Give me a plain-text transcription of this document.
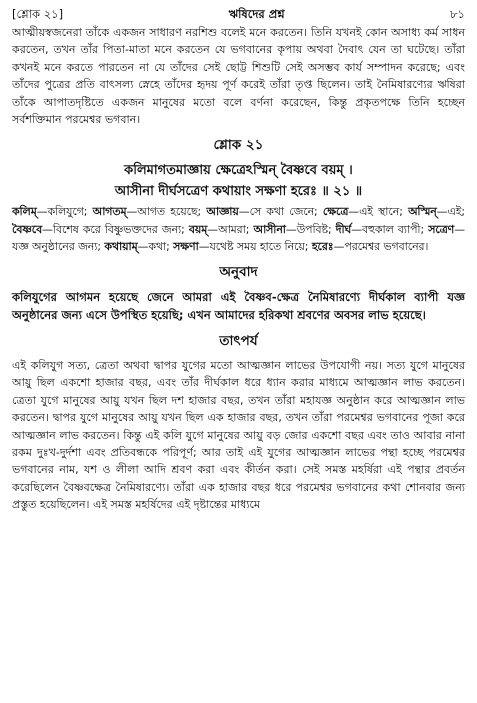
[শ্লোক ২১]	ঋষিদের প্রশ্ন	৮১

আত্মীয়স্বজনেরা তাঁকে একজন সাধারণ নরশিশু বলেই মনে করতেন। তিনি যখনই কোন অসাধ্য কর্ম সাধন করতেন, তখন তাঁর পিতা-মাতা মনে করতেন যে ভগবানের কৃপায় অথবা দৈবাৎ যেন তা ঘটেছে। তাঁরা কখনই মনে করতে পারতেন না যে তাঁদের সেই ছোট্ট শিশুটি সেই অসম্ভব কার্য সম্পাদন করেছে; এবং তাঁদের পুত্রের প্রতি বাৎসল্য স্নেহে তাঁদের হৃদয় পূর্ণ করেই তাঁরা তৃপ্ত ছিলেন। তাই নৈমিষারণ্যের ঋষিরা তাঁকে আপাতদৃষ্টিতে একজন মানুষের মতো বলে বর্ণনা করেছেন, কিন্তু প্রকৃতপক্ষে তিনি হচ্ছেন সর্বশক্তিমান পরমেশ্বর ভগবান।

শ্লোক ২১
কলিমাগতমাজ্ঞায় ক্ষেত্রেঽস্মিন্ বৈষ্ণবে বয়ম্ ।
আসীনা দীর্ঘসত্রেণ কথায়াং সক্ষণা হরেঃ ॥ ২১ ॥

কলিম্—কলিযুগে; আগতম্—আগত হয়েছে; আজ্ঞায়—সে কথা জেনে; ক্ষেত্রে—এই স্থানে; অস্মিন্—এই; বৈষ্ণবে—বিশেষ করে বিষ্ণুভক্তদের জন্য; বয়ম্—আমরা; আসীনা—উপবিষ্ট; দীর্ঘ—বহুকাল ব্যাপী; সত্রেণ—যজ্ঞ অনুষ্ঠানের জন্য; কথায়াম্—কথা; সক্ষণা—যথেষ্ট সময় হাতে নিয়ে; হরেঃ—পরমেশ্বর ভগবানের।

অনুবাদ

কলিযুগের আগমন হয়েছে জেনে আমরা এই বৈষ্ণব-ক্ষেত্র নৈমিষারণ্যে দীর্ঘকাল ব্যাপী যজ্ঞ অনুষ্ঠানের জন্য এসে উপস্থিত হয়েছি; এখন আমাদের হরিকথা শ্রবণের অবসর লাভ হয়েছে।

তাৎপর্য

এই কলিযুগ সত্য, ত্রেতা অথবা দ্বাপর যুগের মতো আত্মজ্ঞান লাভের উপযোগী নয়। সত্য যুগে মানুষের আয়ু ছিল একশো হাজার বছর, এবং তাঁর দীর্ঘকাল ধরে ধ্যান করার মাধ্যমে আত্মজ্ঞান লাভ করতেন। ত্রেতা যুগে মানুষের আয়ু যখন ছিল দশ হাজার বছর, তখন তাঁরা মহাযজ্ঞ অনুষ্ঠান করে আত্মজ্ঞান লাভ করতেন। দ্বাপর যুগে মানুষের আয়ু যখন ছিল এক হাজার বছর, তখন তাঁরা পরমেশ্বর ভগবানের পূজা করে আত্মজ্ঞান লাভ করতেন। কিন্তু এই কলি যুগে মানুষের আয়ু বড় জোর একশো বছর এবং তাও আবার নানা রকম দুঃখ-দুর্দশা এবং প্রতিবন্ধকে পরিপূর্ণ; আর তাই এই যুগের আত্মজ্ঞান লাভের পন্থা হচ্ছে পরমেশ্বর ভগবানের নাম, যশ ও লীলা আদি শ্রবণ করা এবং কীর্তন করা। সেই সমস্ত মহর্ষিরা এই পন্থার প্রবর্তন করেছিলেন বৈষ্ণবক্ষেত্র নৈমিষারণ্যে। তাঁরা এক হাজার বছর ধরে পরমেশ্বর ভগবানের কথা শোনবার জন্য প্রস্তুত হয়েছিলেন। এই সমস্ত মহর্ষিদের এই দৃষ্টান্তের মাধ্যমে
